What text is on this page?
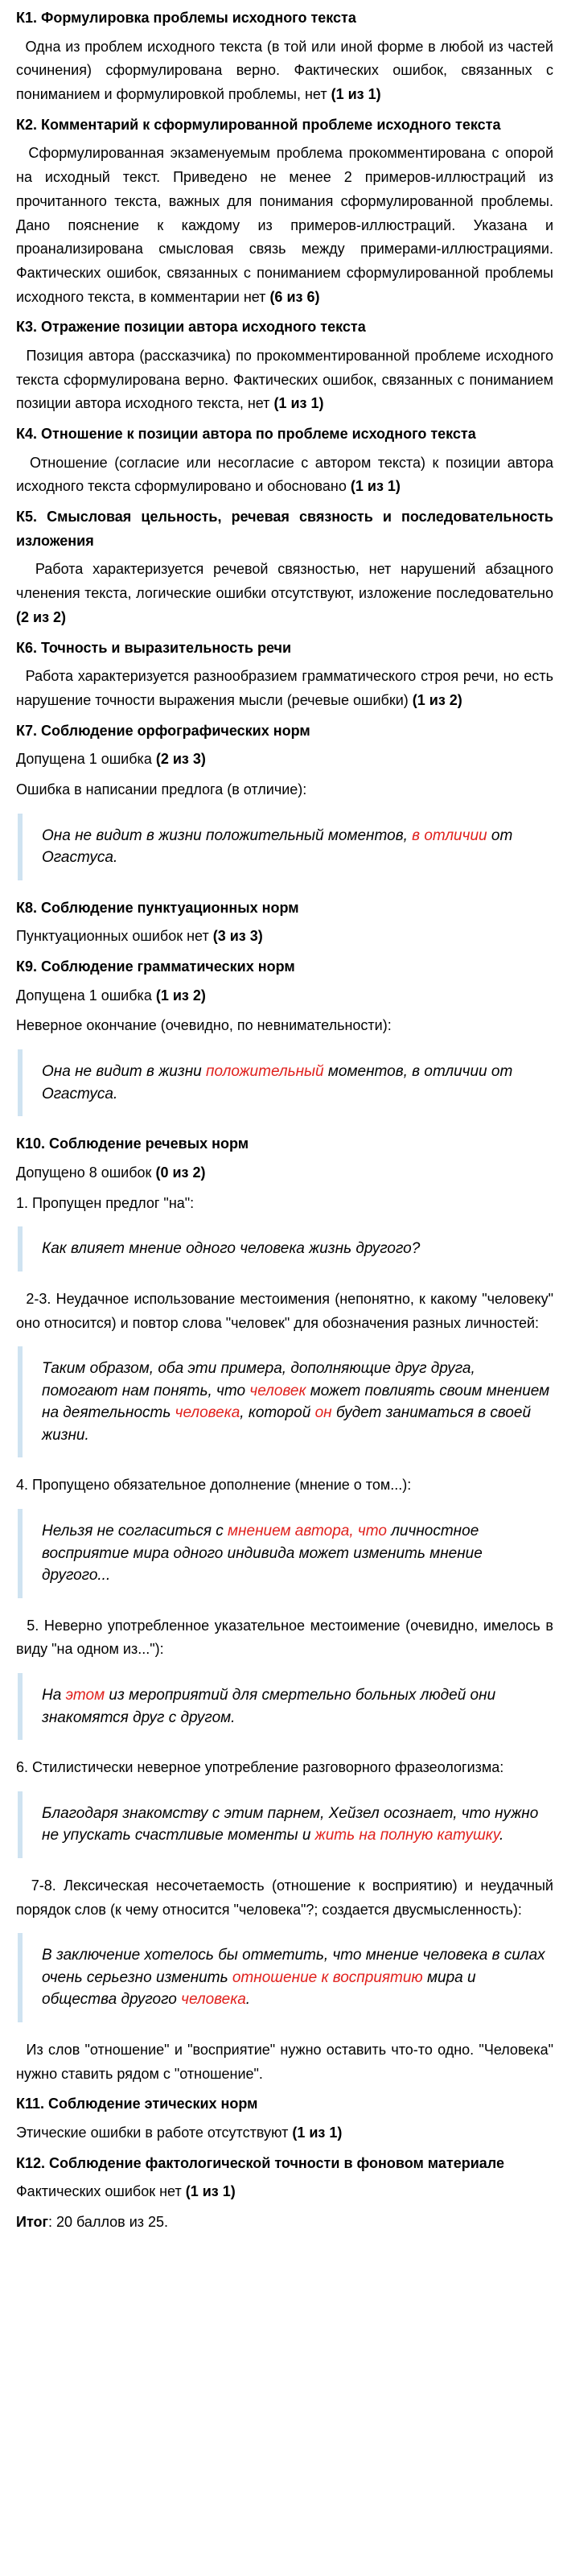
К1. Формулировка проблемы исходного текста
Одна из проблем исходного текста (в той или иной форме в любой из частей сочинения) сформулирована верно. Фактических ошибок, связанных с пониманием и формулировкой проблемы, нет (1 из 1)
К2. Комментарий к сформулированной проблеме исходного текста
Сформулированная экзаменуемым проблема прокомментирована с опорой на исходный текст. Приведено не менее 2 примеров-иллюстраций из прочитанного текста, важных для понимания сформулированной проблемы. Дано пояснение к каждому из примеров-иллюстраций. Указана и проанализирована смысловая связь между примерами-иллюстрациями. Фактических ошибок, связанных с пониманием сформулированной проблемы исходного текста, в комментарии нет (6 из 6)
К3. Отражение позиции автора исходного текста
Позиция автора (рассказчика) по прокомментированной проблеме исходного текста сформулирована верно. Фактических ошибок, связанных с пониманием позиции автора исходного текста, нет (1 из 1)
К4. Отношение к позиции автора по проблеме исходного текста
Отношение (согласие или несогласие с автором текста) к позиции автора исходного текста сформулировано и обосновано (1 из 1)
К5. Смысловая цельность, речевая связность и последовательность изложения
Работа характеризуется речевой связностью, нет нарушений абзацного членения текста, логические ошибки отсутствуют, изложение последовательно (2 из 2)
К6. Точность и выразительность речи
Работа характеризуется разнообразием грамматического строя речи, но есть нарушение точности выражения мысли (речевые ошибки) (1 из 2)
К7. Соблюдение орфографических норм
Допущена 1 ошибка (2 из 3)
Ошибка в написании предлога (в отличие):
Она не видит в жизни положительный моментов, в отличии от Огастуса.
К8. Соблюдение пунктуационных норм
Пунктуационных ошибок нет (3 из 3)
К9. Соблюдение грамматических норм
Допущена 1 ошибка (1 из 2)
Неверное окончание (очевидно, по невнимательности):
Она не видит в жизни положительный моментов, в отличии от Огастуса.
К10. Соблюдение речевых норм
Допущено 8 ошибок (0 из 2)
1. Пропущен предлог "на":
Как влияет мнение одного человека жизнь другого?
2-3. Неудачное использование местоимения (непонятно, к какому "человеку" оно относится) и повтор слова "человек" для обозначения разных личностей:
Таким образом, оба эти примера, дополняющие друг друга, помогают нам понять, что человек может повлиять своим мнением на деятельность человека, которой он будет заниматься в своей жизни.
4. Пропущено обязательное дополнение (мнение о том...):
Нельзя не согласиться с мнением автора, что личностное восприятие мира одного индивида может изменить мнение другого...
5. Неверно употребленное указательное местоимение (очевидно, имелось в виду "на одном из..."):
На этом из мероприятий для смертельно больных людей они знакомятся друг с другом.
6. Стилистически неверное употребление разговорного фразеологизма:
Благодаря знакомству с этим парнем, Хейзел осознает, что нужно не упускать счастливые моменты и жить на полную катушку.
7-8. Лексическая несочетаемость (отношение к восприятию) и неудачный порядок слов (к чему относится "человека"?; создается двусмысленность):
В заключение хотелось бы отметить, что мнение человека в силах очень серьезно изменить отношение к восприятию мира и общества другого человека.
Из слов "отношение" и "восприятие" нужно оставить что-то одно. "Человека" нужно ставить рядом с "отношение".
К11. Соблюдение этических норм
Этические ошибки в работе отсутствуют (1 из 1)
К12. Соблюдение фактологической точности в фоновом материале
Фактических ошибок нет (1 из 1)
Итог: 20 баллов из 25.
